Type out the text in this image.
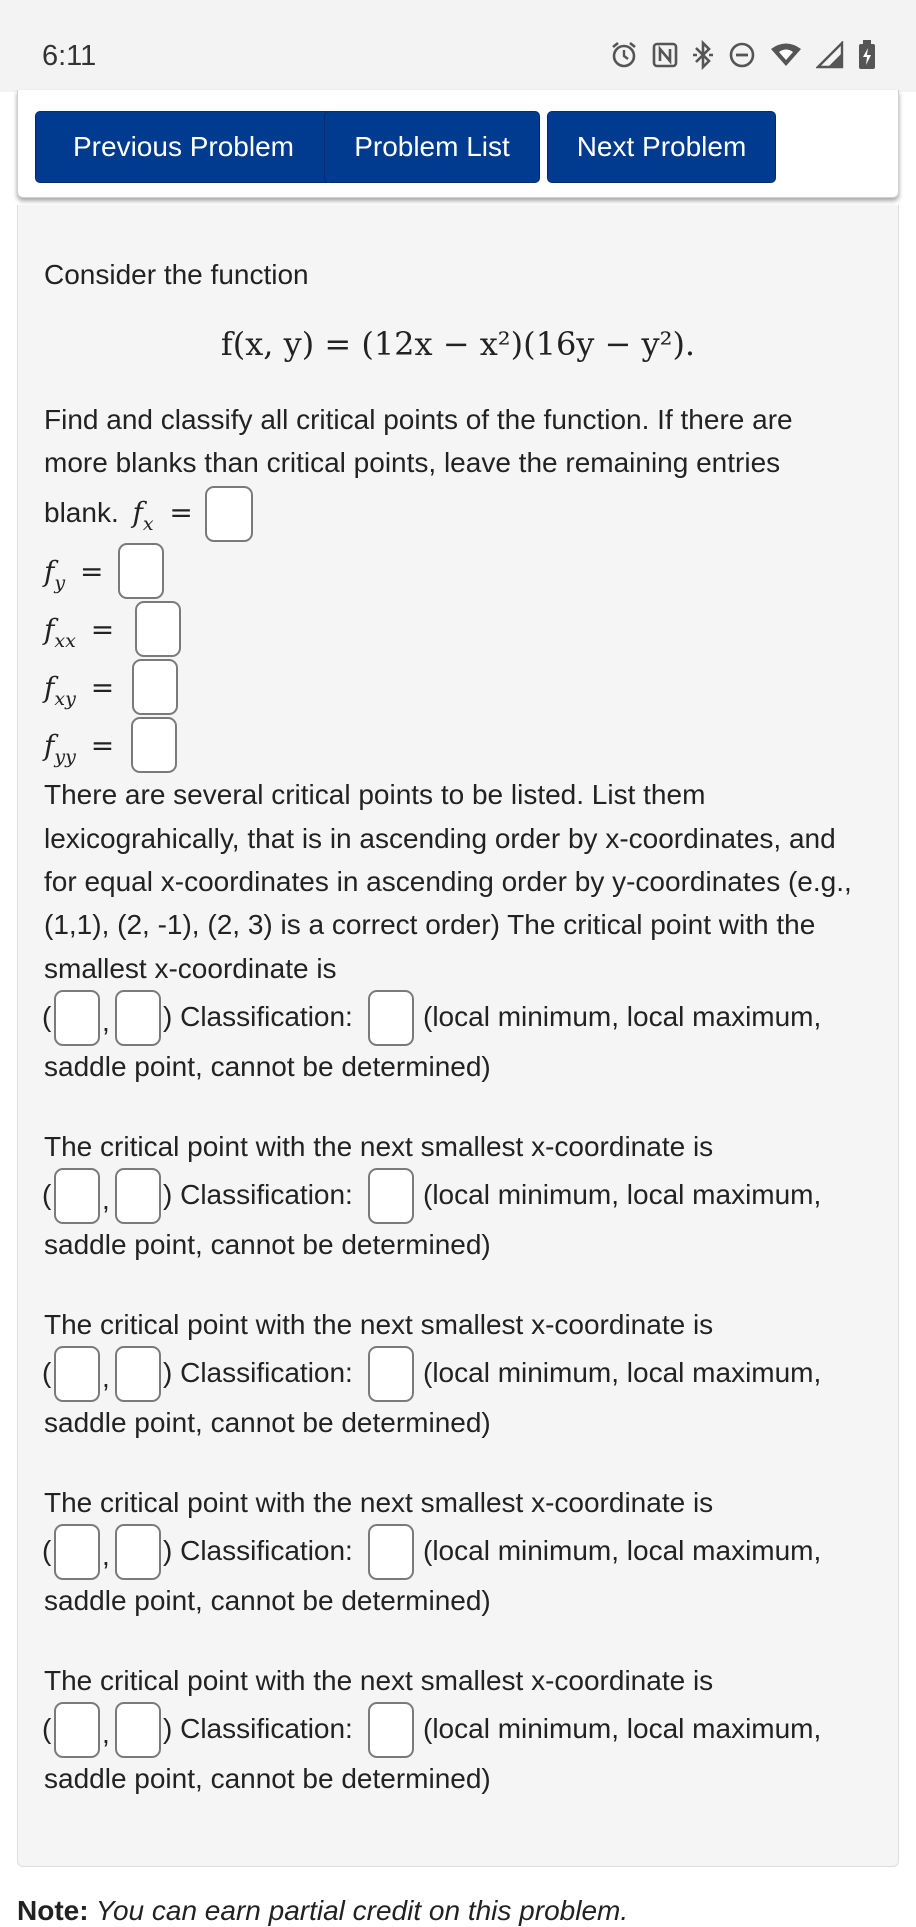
6:11
Previous Problem	Problem List	Next Problem
Consider the function
f(x, y) = (12x − x²)(16y − y²).
Find and classify all critical points of the function. If there are
more blanks than critical points, leave the remaining entries
blank. $f_x$ =
$f_y$ =
$f_{xx}$ =
$f_{xy}$ =
$f_{yy}$ =
There are several critical points to be listed. List them
lexicograhically, that is in ascending order by x-coordinates, and
for equal x-coordinates in ascending order by y-coordinates (e.g.,
(1,1), (2, -1), (2, 3) is a correct order) The critical point with the
smallest x-coordinate is
( , ) Classification:	(local minimum, local maximum,
saddle point, cannot be determined)
The critical point with the next smallest x-coordinate is
( , ) Classification:	(local minimum, local maximum,
saddle point, cannot be determined)
The critical point with the next smallest x-coordinate is
( , ) Classification:	(local minimum, local maximum,
saddle point, cannot be determined)
The critical point with the next smallest x-coordinate is
( , ) Classification:	(local minimum, local maximum,
saddle point, cannot be determined)
The critical point with the next smallest x-coordinate is
( , ) Classification:	(local minimum, local maximum,
saddle point, cannot be determined)
Note: You can earn partial credit on this problem.
